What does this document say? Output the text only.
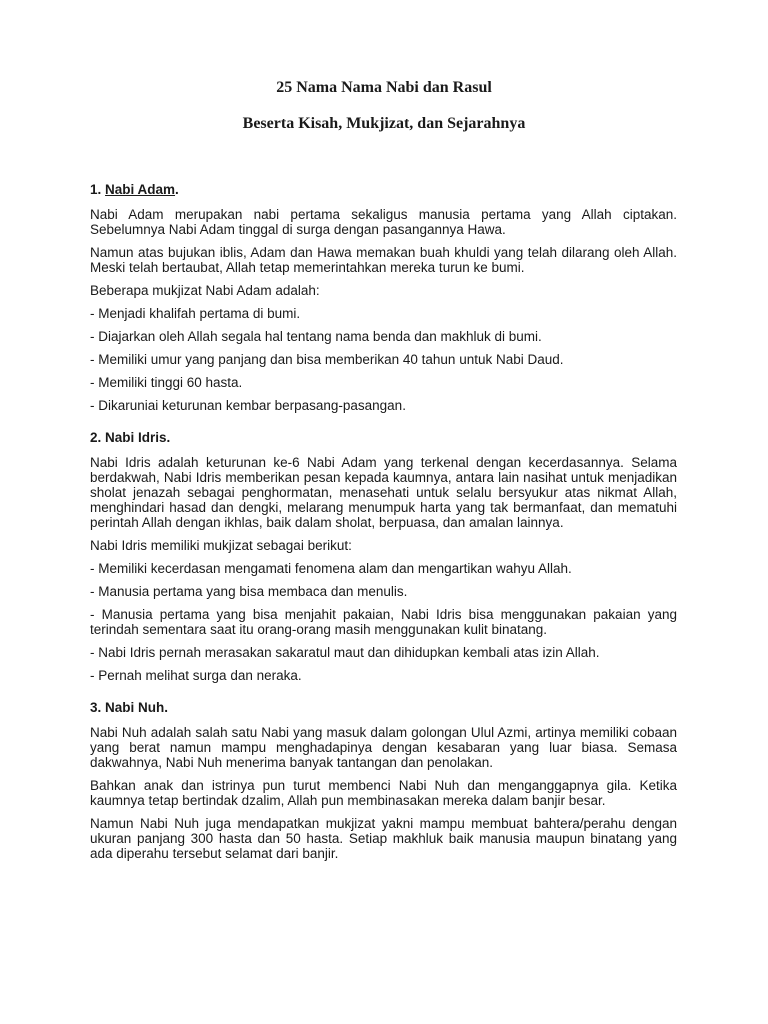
25 Nama Nama Nabi dan Rasul
Beserta Kisah, Mukjizat, dan Sejarahnya
1. Nabi Adam.

Nabi Adam merupakan nabi pertama sekaligus manusia pertama yang Allah ciptakan. Sebelumnya Nabi Adam tinggal di surga dengan pasangannya Hawa.

Namun atas bujukan iblis, Adam dan Hawa memakan buah khuldi yang telah dilarang oleh Allah. Meski telah bertaubat, Allah tetap memerintahkan mereka turun ke bumi.

Beberapa mukjizat Nabi Adam adalah:

- Menjadi khalifah pertama di bumi.

- Diajarkan oleh Allah segala hal tentang nama benda dan makhluk di bumi.

- Memiliki umur yang panjang dan bisa memberikan 40 tahun untuk Nabi Daud.

- Memiliki tinggi 60 hasta.

- Dikaruniai keturunan kembar berpasang-pasangan.

2. Nabi Idris.

Nabi Idris adalah keturunan ke-6 Nabi Adam yang terkenal dengan kecerdasannya. Selama berdakwah, Nabi Idris memberikan pesan kepada kaumnya, antara lain nasihat untuk menjadikan sholat jenazah sebagai penghormatan, menasehati untuk selalu bersyukur atas nikmat Allah, menghindari hasad dan dengki, melarang menumpuk harta yang tak bermanfaat, dan mematuhi perintah Allah dengan ikhlas, baik dalam sholat, berpuasa, dan amalan lainnya.

Nabi Idris memiliki mukjizat sebagai berikut:

- Memiliki kecerdasan mengamati fenomena alam dan mengartikan wahyu Allah.

- Manusia pertama yang bisa membaca dan menulis.

- Manusia pertama yang bisa menjahit pakaian, Nabi Idris bisa menggunakan pakaian yang terindah sementara saat itu orang-orang masih menggunakan kulit binatang.

- Nabi Idris pernah merasakan sakaratul maut dan dihidupkan kembali atas izin Allah.

- Pernah melihat surga dan neraka.

3. Nabi Nuh.

Nabi Nuh adalah salah satu Nabi yang masuk dalam golongan Ulul Azmi, artinya memiliki cobaan yang berat namun mampu menghadapinya dengan kesabaran yang luar biasa. Semasa dakwahnya, Nabi Nuh menerima banyak tantangan dan penolakan.

Bahkan anak dan istrinya pun turut membenci Nabi Nuh dan menganggapnya gila. Ketika kaumnya tetap bertindak dzalim, Allah pun membinasakan mereka dalam banjir besar.

Namun Nabi Nuh juga mendapatkan mukjizat yakni mampu membuat bahtera/perahu dengan ukuran panjang 300 hasta dan 50 hasta. Setiap makhluk baik manusia maupun binatang yang ada diperahu tersebut selamat dari banjir.
